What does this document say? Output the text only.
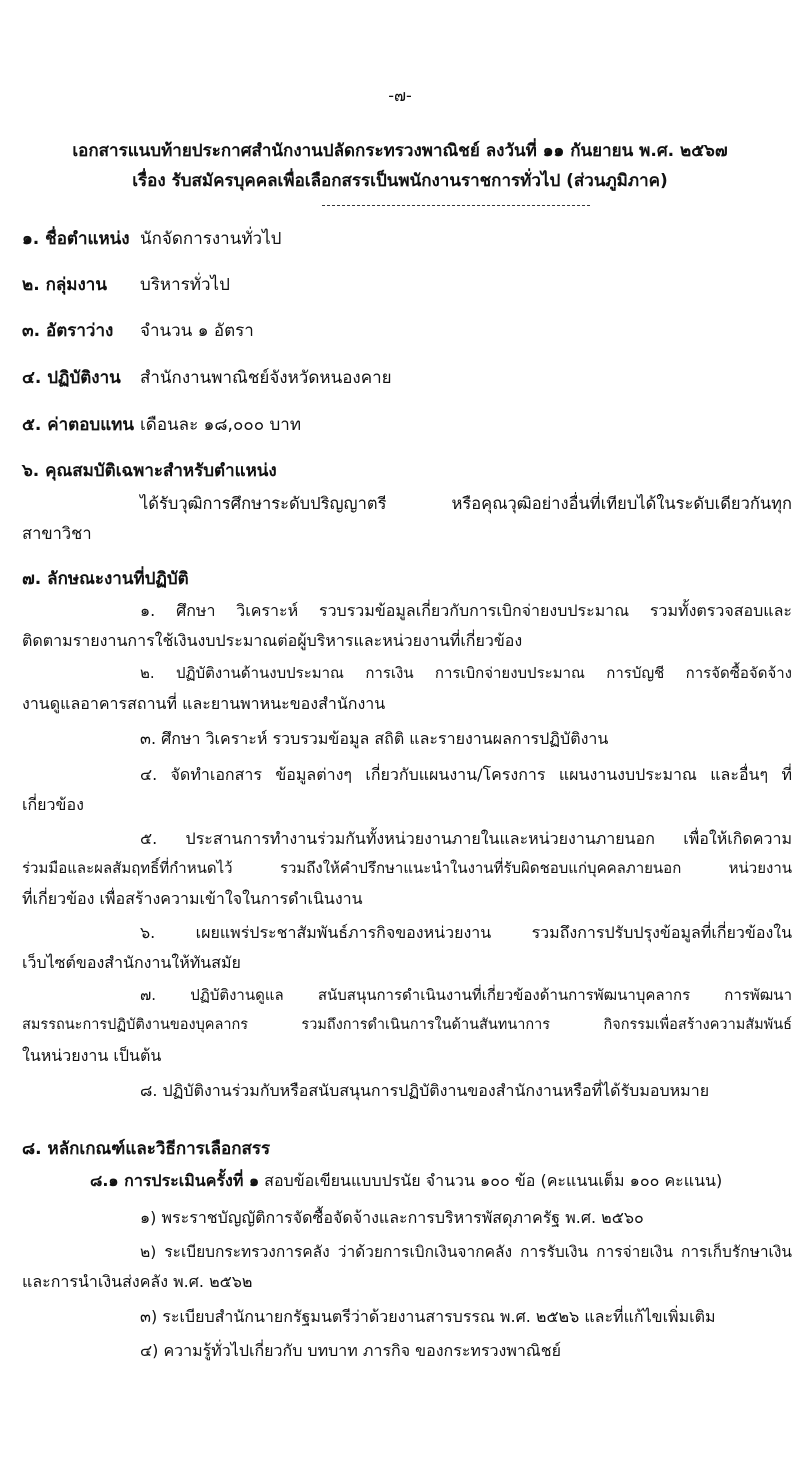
-๗-
เอกสารแนบท้ายประกาศสำนักงานปลัดกระทรวงพาณิชย์ ลงวันที่ ๑๑ กันยายน พ.ศ. ๒๕๖๗
เรื่อง รับสมัครบุคคลเพื่อเลือกสรรเป็นพนักงานราชการทั่วไป (ส่วนภูมิภาค)
๑. ชื่อตำแหน่ง นักจัดการงานทั่วไป
๒. กลุ่มงาน บริหารทั่วไป
๓. อัตราว่าง จำนวน ๑ อัตรา
๔. ปฏิบัติงาน สำนักงานพาณิชย์จังหวัดหนองคาย
๕. ค่าตอบแทน เดือนละ ๑๘,๐๐๐ บาท
๖. คุณสมบัติเฉพาะสำหรับตำแหน่ง
ได้รับวุฒิการศึกษาระดับปริญญาตรี หรือคุณวุฒิอย่างอื่นที่เทียบได้ในระดับเดียวกันทุก
สาขาวิชา
๗. ลักษณะงานที่ปฏิบัติ
๑. ศึกษา วิเคราะห์ รวบรวมข้อมูลเกี่ยวกับการเบิกจ่ายงบประมาณ รวมทั้งตรวจสอบและ
ติดตามรายงานการใช้เงินงบประมาณต่อผู้บริหารและหน่วยงานที่เกี่ยวข้อง
๒. ปฏิบัติงานด้านงบประมาณ การเงิน การเบิกจ่ายงบประมาณ การบัญชี การจัดซื้อจัดจ้าง
งานดูแลอาคารสถานที่ และยานพาหนะของสำนักงาน
๓. ศึกษา วิเคราะห์ รวบรวมข้อมูล สถิติ และรายงานผลการปฏิบัติงาน
๔. จัดทำเอกสาร ข้อมูลต่างๆ เกี่ยวกับแผนงาน/โครงการ แผนงานงบประมาณ และอื่นๆ ที่
เกี่ยวข้อง
๕. ประสานการทำงานร่วมกันทั้งหน่วยงานภายในและหน่วยงานภายนอก เพื่อให้เกิดความ
ร่วมมือและผลสัมฤทธิ์ที่กำหนดไว้ รวมถึงให้คำปรึกษาแนะนำในงานที่รับผิดชอบแก่บุคคลภายนอก หน่วยงาน
ที่เกี่ยวข้อง เพื่อสร้างความเข้าใจในการดำเนินงาน
๖. เผยแพร่ประชาสัมพันธ์ภารกิจของหน่วยงาน รวมถึงการปรับปรุงข้อมูลที่เกี่ยวข้องใน
เว็บไซต์ของสำนักงานให้ทันสมัย
๗. ปฏิบัติงานดูแล สนับสนุนการดำเนินงานที่เกี่ยวข้องด้านการพัฒนาบุคลากร การพัฒนา
สมรรถนะการปฏิบัติงานของบุคลากร รวมถึงการดำเนินการในด้านสันทนาการ กิจกรรมเพื่อสร้างความสัมพันธ์
ในหน่วยงาน เป็นต้น
๘. ปฏิบัติงานร่วมกับหรือสนับสนุนการปฏิบัติงานของสำนักงานหรือที่ได้รับมอบหมาย
๘. หลักเกณฑ์และวิธีการเลือกสรร
๘.๑ การประเมินครั้งที่ ๑ สอบข้อเขียนแบบปรนัย จำนวน ๑๐๐ ข้อ (คะแนนเต็ม ๑๐๐ คะแนน)
๑) พระราชบัญญัติการจัดซื้อจัดจ้างและการบริหารพัสดุภาครัฐ พ.ศ. ๒๕๖๐
๒) ระเบียบกระทรวงการคลัง ว่าด้วยการเบิกเงินจากคลัง การรับเงิน การจ่ายเงิน การเก็บรักษาเงิน
และการนำเงินส่งคลัง พ.ศ. ๒๕๖๒
๓) ระเบียบสำนักนายกรัฐมนตรีว่าด้วยงานสารบรรณ พ.ศ. ๒๕๒๖ และที่แก้ไขเพิ่มเติม
๔) ความรู้ทั่วไปเกี่ยวกับ บทบาท ภารกิจ ของกระทรวงพาณิชย์
